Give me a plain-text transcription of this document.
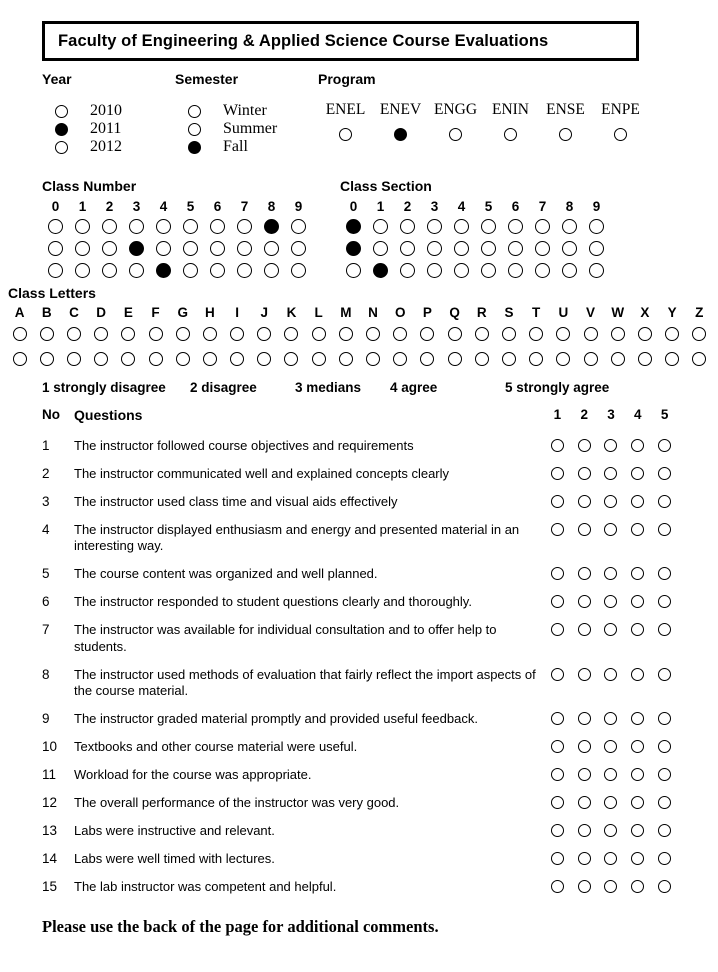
Faculty of Engineering & Applied Science Course Evaluations
Year
2010
2011
2012
Semester
Winter
Summer
Fall
Program
ENEL ENEV ENGG ENIN ENSE ENPE
Class Number
0	1	2	3	4	5	6	7	8	9
Class Section
0	1	2	3	4	5	6	7	8	9
Class Letters
A	B	C	D	E	F	G	H	I	J	K	L	M	N	O	P	Q	R	S	T	U	V	W	X	Y	Z
1 strongly disagree 2 disagree	3 medians 4 agree	5 strongly agree
No	Questions	1	2	3	4	5
1	The instructor followed course objectives and requirements
2	The instructor communicated well and explained concepts clearly
3	The instructor used class time and visual aids effectively
4	The instructor displayed enthusiasm and energy and presented material in an interesting way.
5	The course content was organized and well planned.
6	The instructor responded to student questions clearly and thoroughly.
7	The instructor was available for individual consultation and to offer help to students.
8	The instructor used methods of evaluation that fairly reflect the import aspects of the course material.
9	The instructor graded material promptly and provided useful feedback.
10	Textbooks and other course material were useful.
11	Workload for the course was appropriate.
12	The overall performance of the instructor was very good.
13	Labs were instructive and relevant.
14	Labs were well timed with lectures.
15	The lab instructor was competent and helpful.
Please use the back of the page for additional comments.
